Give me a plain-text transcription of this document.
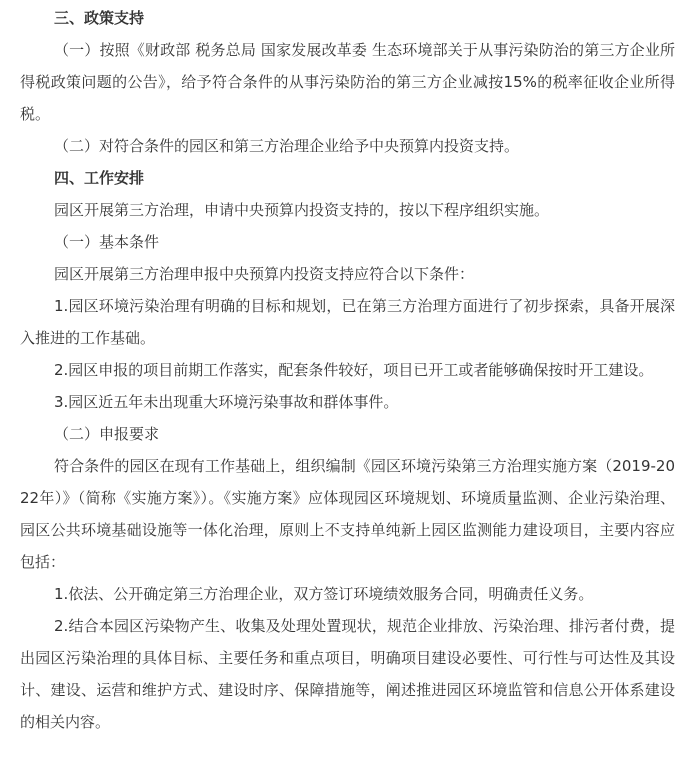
三、政策支持

（一）按照《财政部 税务总局 国家发展改革委 生态环境部关于从事污染防治的第三方企业所得税政策问题的公告》，给予符合条件的从事污染防治的第三方企业减按15%的税率征收企业所得税。

（二）对符合条件的园区和第三方治理企业给予中央预算内投资支持。

四、工作安排

园区开展第三方治理，申请中央预算内投资支持的，按以下程序组织实施。

（一）基本条件

园区开展第三方治理申报中央预算内投资支持应符合以下条件：

1.园区环境污染治理有明确的目标和规划，已在第三方治理方面进行了初步探索，具备开展深入推进的工作基础。

2.园区申报的项目前期工作落实，配套条件较好，项目已开工或者能够确保按时开工建设。

3.园区近五年未出现重大环境污染事故和群体事件。

（二）申报要求

符合条件的园区在现有工作基础上，组织编制《园区环境污染第三方治理实施方案（2019-2022年）》（简称《实施方案》）。《实施方案》应体现园区环境规划、环境质量监测、企业污染治理、园区公共环境基础设施等一体化治理，原则上不支持单纯新上园区监测能力建设项目，主要内容应包括：

1.依法、公开确定第三方治理企业，双方签订环境绩效服务合同，明确责任义务。

2.结合本园区污染物产生、收集及处理处置现状，规范企业排放、污染治理、排污者付费，提出园区污染治理的具体目标、主要任务和重点项目，明确项目建设必要性、可行性与可达性及其设计、建设、运营和维护方式、建设时序、保障措施等，阐述推进园区环境监管和信息公开体系建设的相关内容。
